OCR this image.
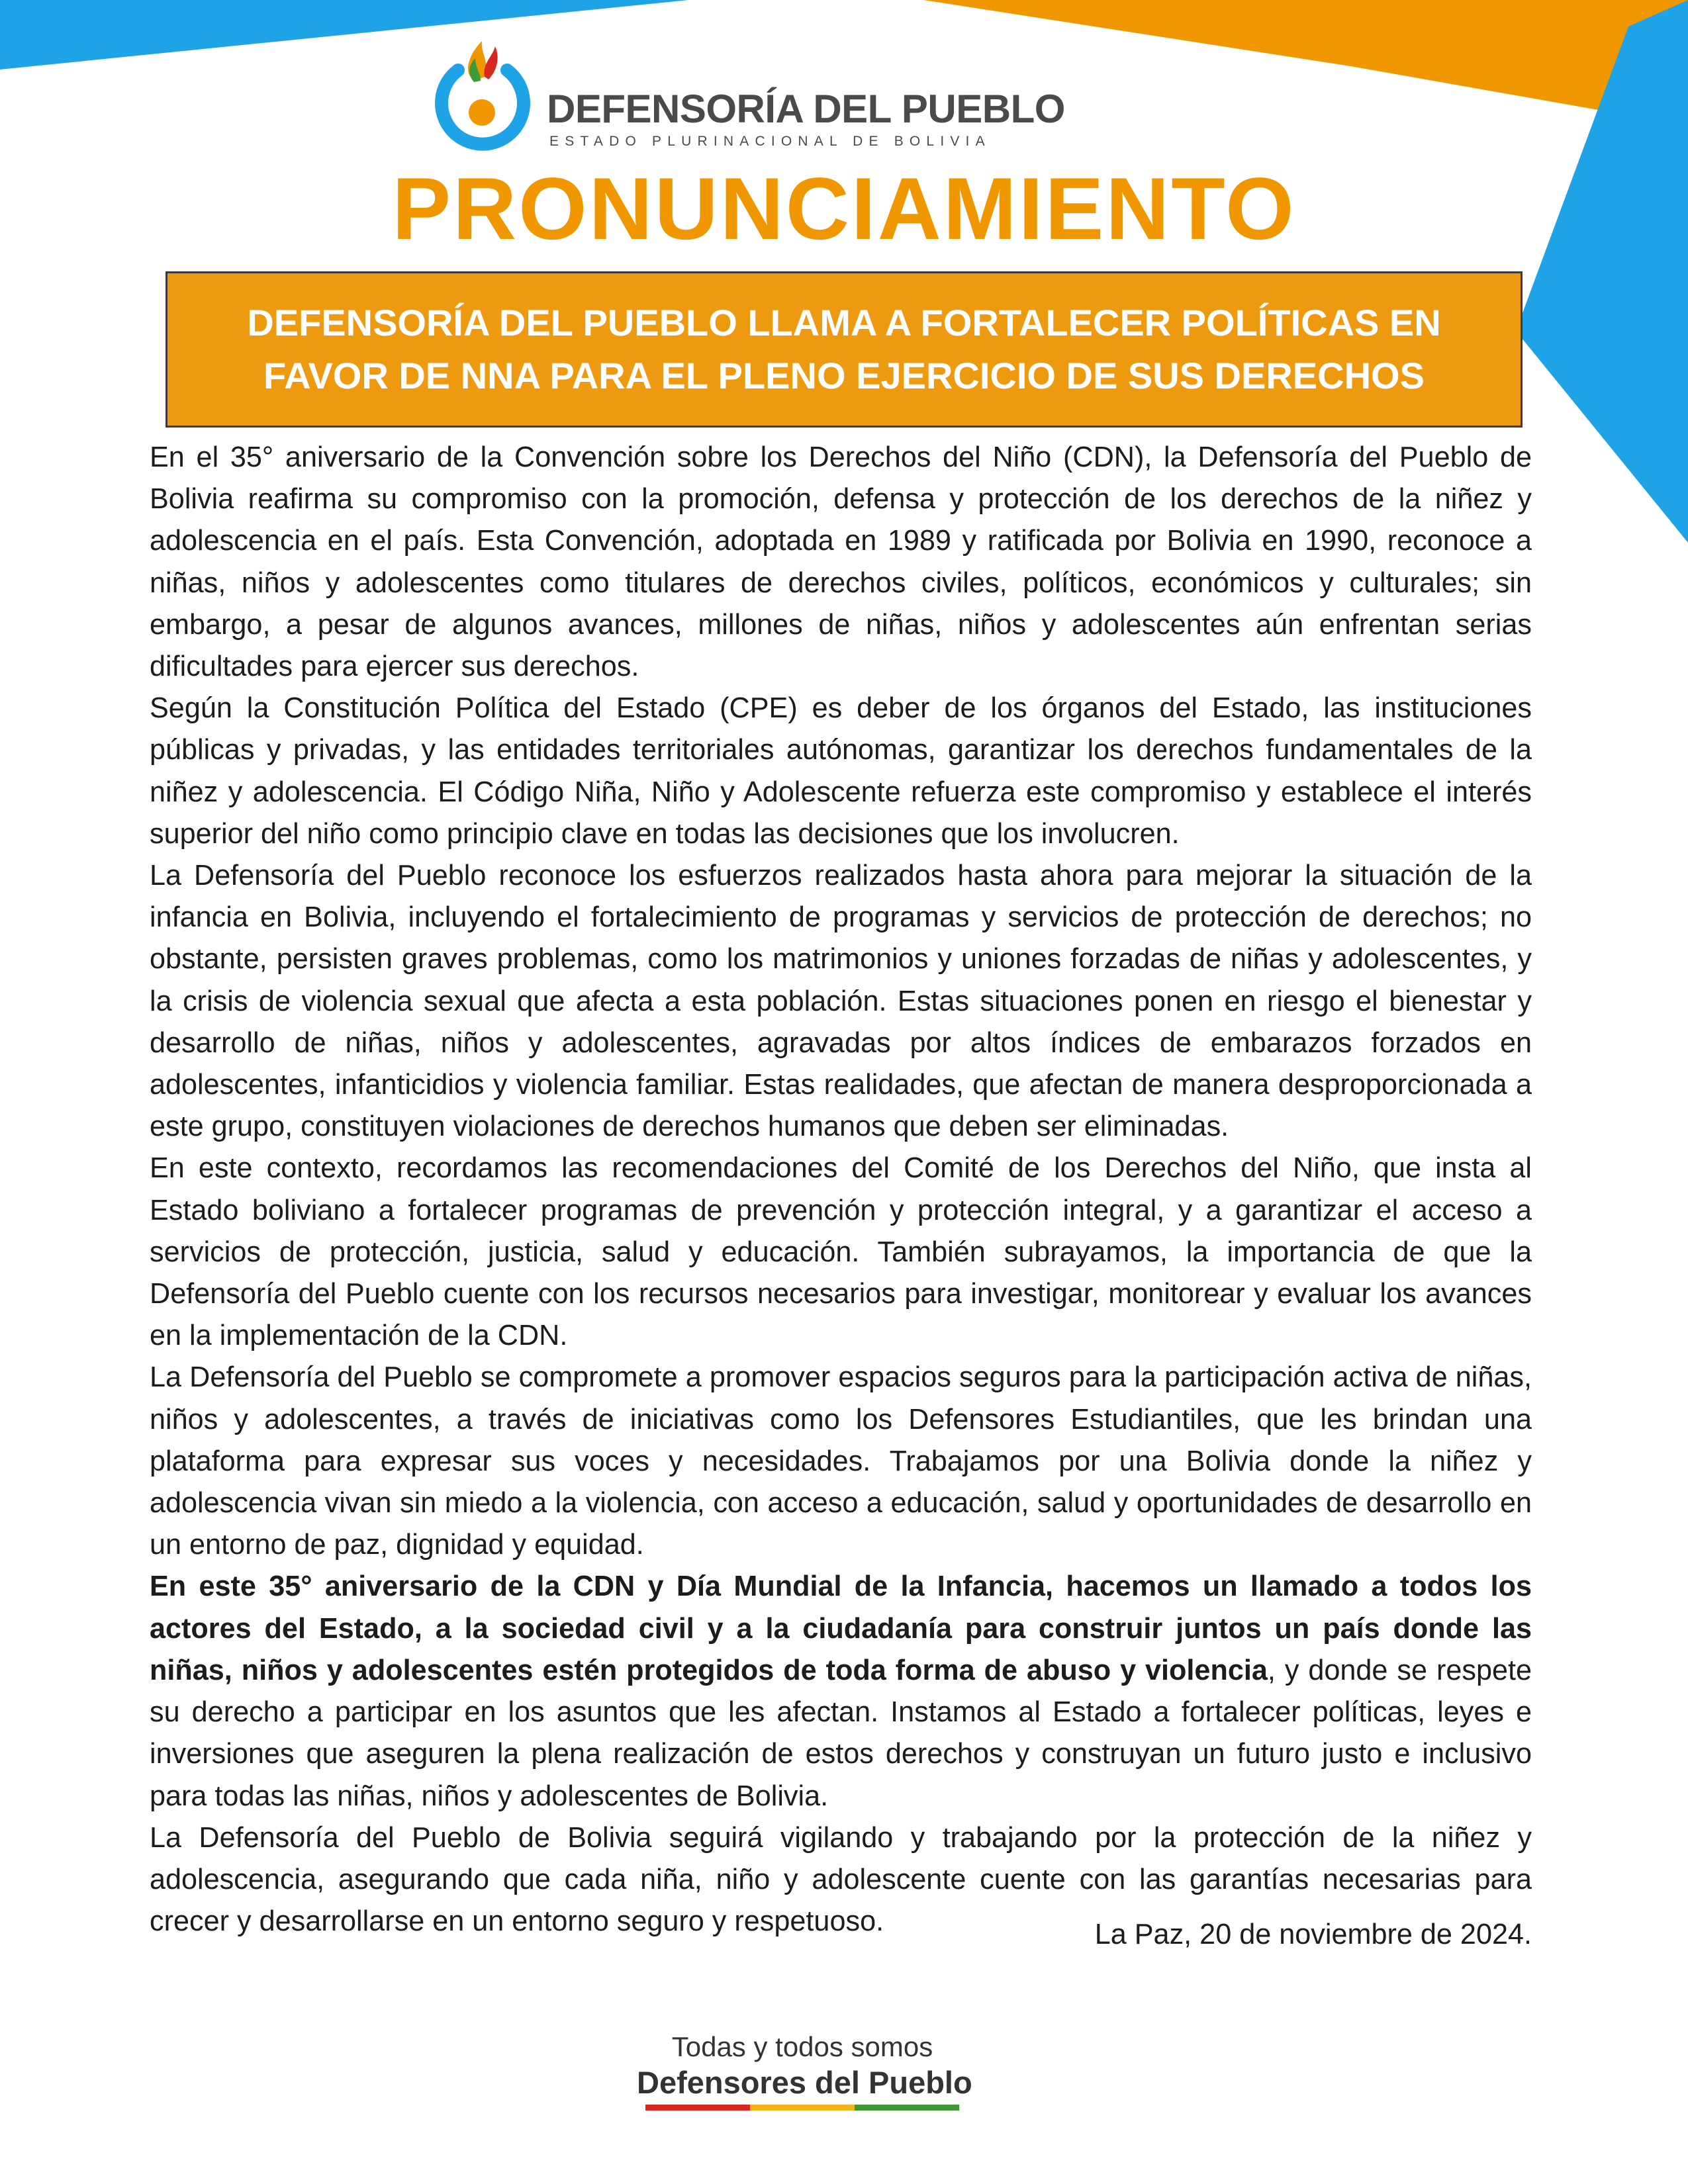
DEFENSORÍA DEL PUEBLO
ESTADO PLURINACIONAL DE BOLIVIA
PRONUNCIAMIENTO
DEFENSORÍA DEL PUEBLO LLAMA A FORTALECER POLÍTICAS EN
FAVOR DE NNA PARA EL PLENO EJERCICIO DE SUS DERECHOS

En el 35° aniversario de la Convención sobre los Derechos del Niño (CDN), la Defensoría del Pueblo de Bolivia reafirma su compromiso con la promoción, defensa y protección de los derechos de la niñez y adolescencia en el país. Esta Convención, adoptada en 1989 y ratificada por Bolivia en 1990, reconoce a niñas, niños y adolescentes como titulares de derechos civiles, políticos, económicos y culturales; sin embargo, a pesar de algunos avances, millones de niñas, niños y adolescentes aún enfrentan serias dificultades para ejercer sus derechos.

Según la Constitución Política del Estado (CPE) es deber de los órganos del Estado, las instituciones públicas y privadas, y las entidades territoriales autónomas, garantizar los derechos fundamentales de la niñez y adolescencia. El Código Niña, Niño y Adolescente refuerza este compromiso y establece el interés superior del niño como principio clave en todas las decisiones que los involucren.

La Defensoría del Pueblo reconoce los esfuerzos realizados hasta ahora para mejorar la situación de la infancia en Bolivia, incluyendo el fortalecimiento de programas y servicios de protección de derechos; no obstante, persisten graves problemas, como los matrimonios y uniones forzadas de niñas y adolescentes, y la crisis de violencia sexual que afecta a esta población. Estas situaciones ponen en riesgo el bienestar y desarrollo de niñas, niños y adolescentes, agravadas por altos índices de embarazos forzados en adolescentes, infanticidios y violencia familiar. Estas realidades, que afectan de manera desproporcionada a este grupo, constituyen violaciones de derechos humanos que deben ser eliminadas.

En este contexto, recordamos las recomendaciones del Comité de los Derechos del Niño, que insta al Estado boliviano a fortalecer programas de prevención y protección integral, y a garantizar el acceso a servicios de protección, justicia, salud y educación. También subrayamos, la importancia de que la Defensoría del Pueblo cuente con los recursos necesarios para investigar, monitorear y evaluar los avances en la implementación de la CDN.

La Defensoría del Pueblo se compromete a promover espacios seguros para la participación activa de niñas, niños y adolescentes, a través de iniciativas como los Defensores Estudiantiles, que les brindan una plataforma para expresar sus voces y necesidades. Trabajamos por una Bolivia donde la niñez y adolescencia vivan sin miedo a la violencia, con acceso a educación, salud y oportunidades de desarrollo en un entorno de paz, dignidad y equidad.

En este 35° aniversario de la CDN y Día Mundial de la Infancia, hacemos un llamado a todos los actores del Estado, a la sociedad civil y a la ciudadanía para construir juntos un país donde las niñas, niños y adolescentes estén protegidos de toda forma de abuso y violencia, y donde se respete su derecho a participar en los asuntos que les afectan. Instamos al Estado a fortalecer políticas, leyes e inversiones que aseguren la plena realización de estos derechos y construyan un futuro justo e inclusivo para todas las niñas, niños y adolescentes de Bolivia.

La Defensoría del Pueblo de Bolivia seguirá vigilando y trabajando por la protección de la niñez y adolescencia, asegurando que cada niña, niño y adolescente cuente con las garantías necesarias para crecer y desarrollarse en un entorno seguro y respetuoso.	La Paz, 20 de noviembre de 2024.
Todas y todos somos
Defensores del Pueblo
